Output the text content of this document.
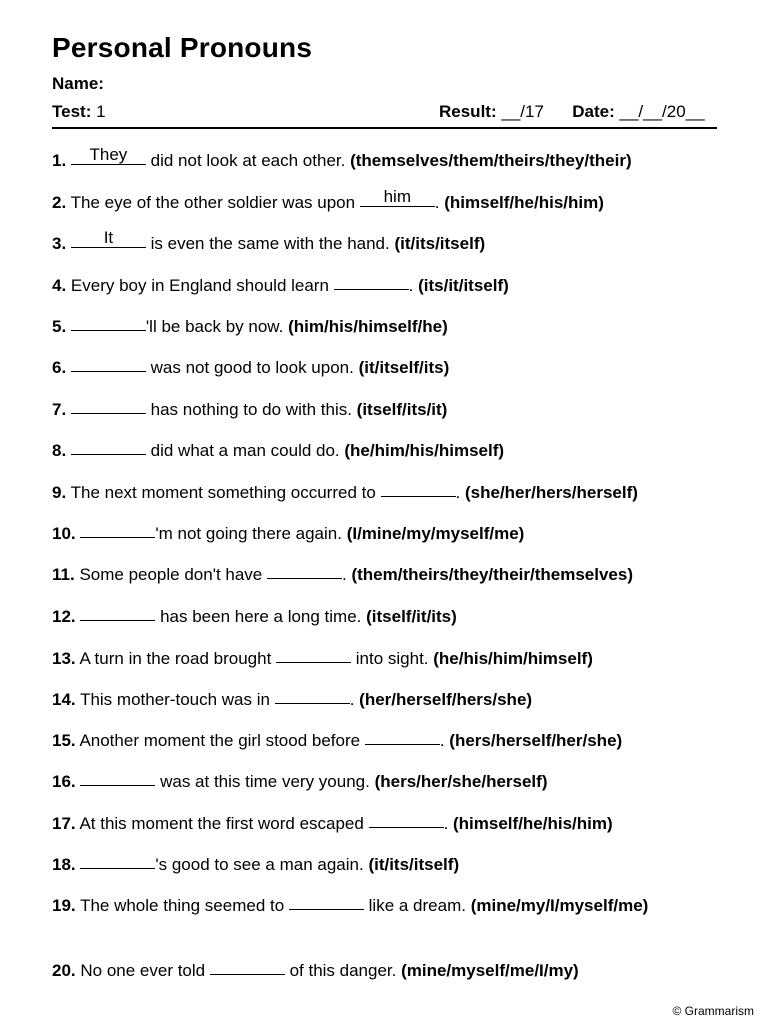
Personal Pronouns
Name:
Test: 1	Result: __/17 Date: __/__/20__
1.	They	did not look at each other. (themselves/them/theirs/they/their)
2. The eye of the other soldier was upon	him	. (himself/he/his/him)
3.	It	is even the same with the hand. (it/its/itself)
4. Every boy in England should learn	. (its/it/itself)
5.	'll be back by now. (him/his/himself/he)
6.	was not good to look upon. (it/itself/its)
7.	has nothing to do with this. (itself/its/it)
8.	did what a man could do. (he/him/his/himself)
9. The next moment something occurred to	. (she/her/hers/herself)
10.	'm not going there again. (I/mine/my/myself/me)
11. Some people don't have	. (them/theirs/they/their/themselves)
12.	has been here a long time. (itself/it/its)
13. A turn in the road brought	into sight. (he/his/him/himself)
14. This mother-touch was in	. (her/herself/hers/she)
15. Another moment the girl stood before	. (hers/herself/her/she)
16.	was at this time very young. (hers/her/she/herself)
17. At this moment the first word escaped	. (himself/he/his/him)
18.	's good to see a man again. (it/its/itself)
19. The whole thing seemed to	like a dream. (mine/my/I/myself/me)
20. No one ever told	of this danger. (mine/myself/me/I/my)
© Grammarism
